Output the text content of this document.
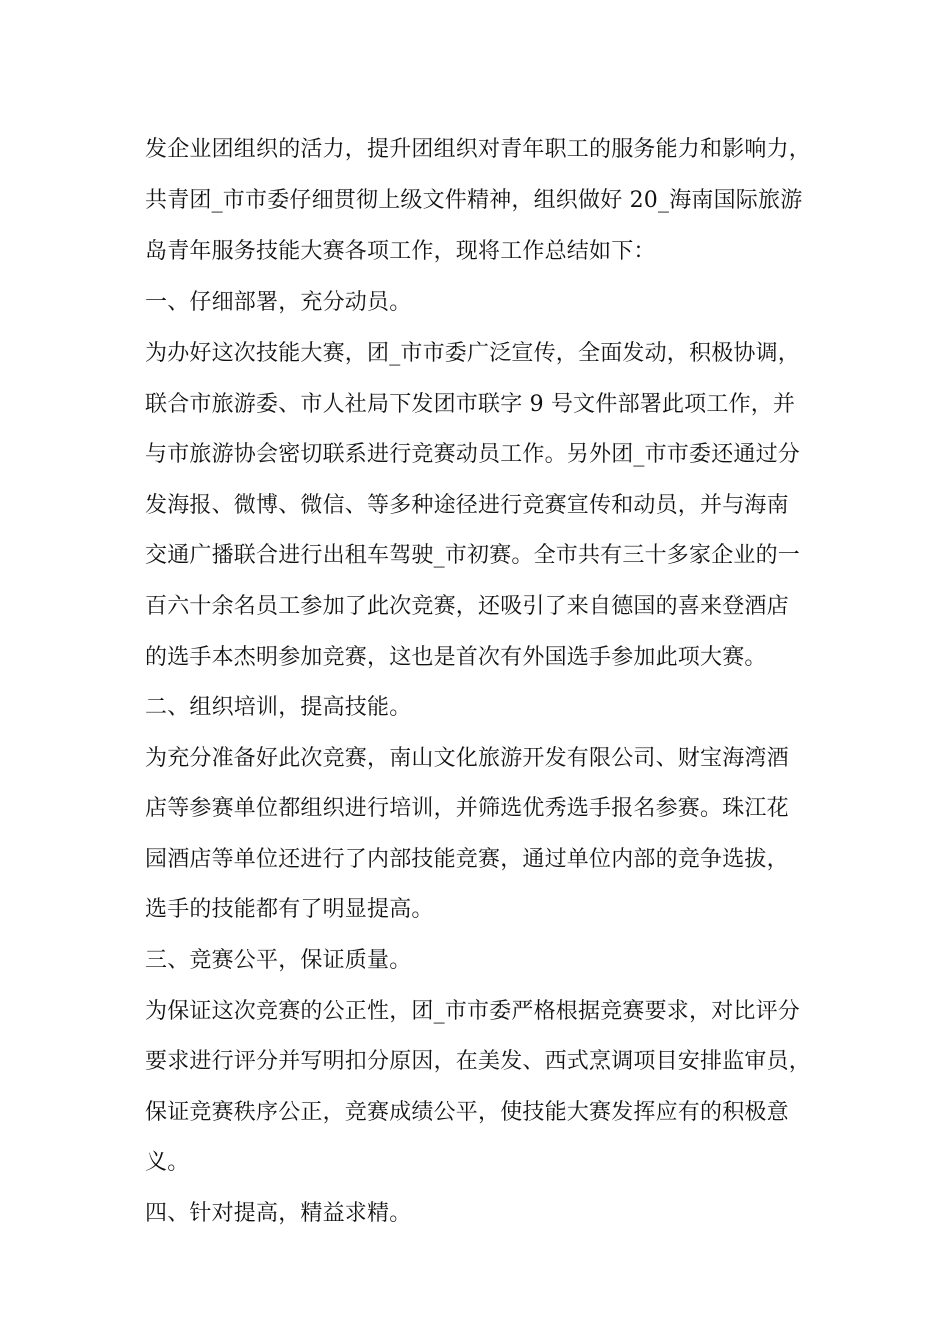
发企业团组织的活力，提升团组织对青年职工的服务能力和影响力，
共青团_市市委仔细贯彻上级文件精神，组织做好 20_海南国际旅游
岛青年服务技能大赛各项工作，现将工作总结如下：
一、仔细部署，充分动员。
为办好这次技能大赛，团_市市委广泛宣传，全面发动，积极协调，
联合市旅游委、市人社局下发团市联字 9 号文件部署此项工作，并
与市旅游协会密切联系进行竞赛动员工作。另外团_市市委还通过分
发海报、微博、微信、等多种途径进行竞赛宣传和动员，并与海南
交通广播联合进行出租车驾驶_市初赛。全市共有三十多家企业的一
百六十余名员工参加了此次竞赛，还吸引了来自德国的喜来登酒店
的选手本杰明参加竞赛，这也是首次有外国选手参加此项大赛。
二、组织培训，提高技能。
为充分准备好此次竞赛，南山文化旅游开发有限公司、财宝海湾酒
店等参赛单位都组织进行培训，并筛选优秀选手报名参赛。珠江花
园酒店等单位还进行了内部技能竞赛，通过单位内部的竞争选拔，
选手的技能都有了明显提高。
三、竞赛公平，保证质量。
为保证这次竞赛的公正性，团_市市委严格根据竞赛要求，对比评分
要求进行评分并写明扣分原因，在美发、西式烹调项目安排监审员，
保证竞赛秩序公正，竞赛成绩公平，使技能大赛发挥应有的积极意
义。
四、针对提高，精益求精。
